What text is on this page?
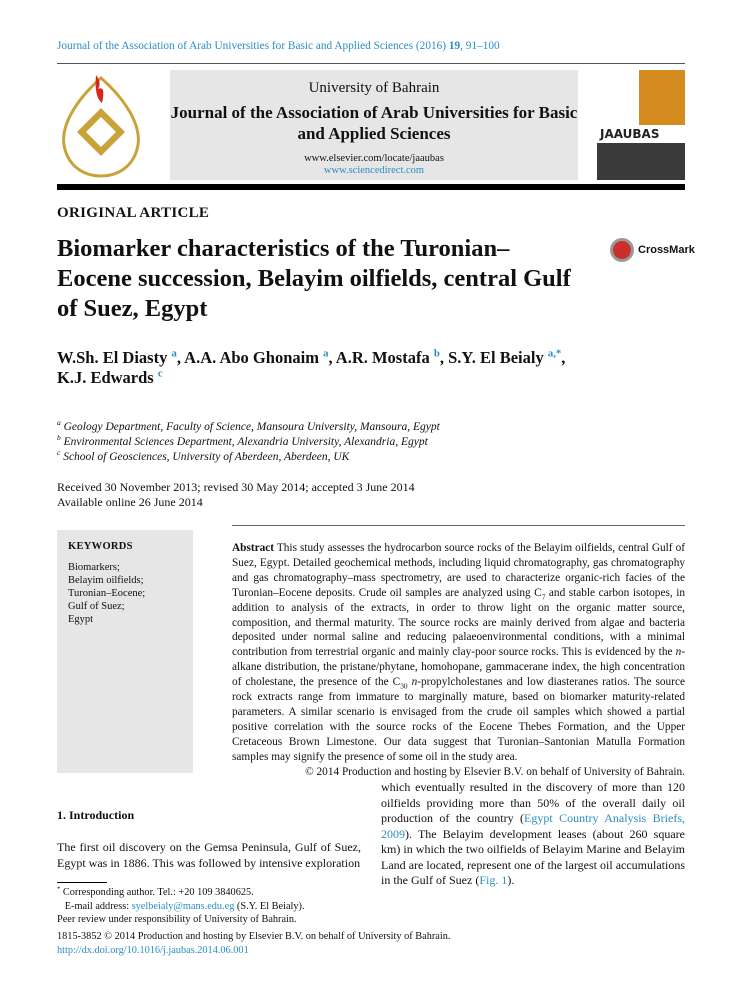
Journal of the Association of Arab Universities for Basic and Applied Sciences (2016) 19, 91–100
University of Bahrain
Journal of the Association of Arab Universities for Basic and Applied Sciences
www.elsevier.com/locate/jaaubas
www.sciencedirect.com
JAAUBAS
ORIGINAL ARTICLE
Biomarker characteristics of the Turonian–Eocene succession, Belayim oilfields, central Gulf of Suez, Egypt
CrossMark
W.Sh. El Diasty $^a$, A.A. Abo Ghonaim $^a$, A.R. Mostafa $^b$, S.Y. El Beialy $^{a,*}$,
K.J. Edwards $^c$
$^a$ Geology Department, Faculty of Science, Mansoura University, Mansoura, Egypt
$^b$ Environmental Sciences Department, Alexandria University, Alexandria, Egypt
$^c$ School of Geosciences, University of Aberdeen, Aberdeen, UK
Received 30 November 2013; revised 30 May 2014; accepted 3 June 2014
Available online 26 June 2014
KEYWORDS
Biomarkers;
Belayim oilfields;
Turonian–Eocene;
Gulf of Suez;
Egypt
Abstract This study assesses the hydrocarbon source rocks of the Belayim oilfields, central Gulf of Suez, Egypt. Detailed geochemical methods, including liquid chromatography, gas chromatography and gas chromatography–mass spectrometry, are used to characterize organic-rich facies of the Turonian–Eocene deposits. Crude oil samples are analyzed using $C_7$ and stable carbon isotopes, in addition to analysis of the extracts, in order to throw light on the organic matter source, composition, and thermal maturity. The source rocks are mainly derived from algae and bacteria deposited under normal saline and reducing palaeoenvironmental conditions, with a minimal contribution from terrestrial organic and mainly clay-poor source rocks. This is evidenced by the n-alkane distribution, the pristane/phytane, homohopane, gammacerane index, the high concentration of cholestane, the presence of the $C_{30}$ n-propylcholestanes and low diasteranes ratios. The source rock extracts range from immature to marginally mature, based on biomarker maturity-related parameters. A similar scenario is envisaged from the crude oil samples which showed a partial positive correlation with the source rocks of the Eocene Thebes Formation, and the Upper Cretaceous Brown Limestone. Our data suggest that Turonian–Santonian Matulla Formation samples may signify the presence of some oil in the study area.
© 2014 Production and hosting by Elsevier B.V. on behalf of University of Bahrain.
1. Introduction
The first oil discovery on the Gemsa Peninsula, Gulf of Suez, Egypt was in 1886. This was followed by intensive exploration
which eventually resulted in the discovery of more than 120 oilfields providing more than 50% of the overall daily oil production of the country (Egypt Country Analysis Briefs, 2009). The Belayim development leases (about 260 square km) in which the two oilfields of Belayim Marine and Belayim Land are located, represent one of the largest oil accumulations in the Gulf of Suez (Fig. 1).
* Corresponding author. Tel.: +20 109 3840625.
E-mail address: syelbeialy@mans.edu.eg (S.Y. El Beialy).
Peer review under responsibility of University of Bahrain.
1815-3852 © 2014 Production and hosting by Elsevier B.V. on behalf of University of Bahrain.
http://dx.doi.org/10.1016/j.jaubas.2014.06.001
